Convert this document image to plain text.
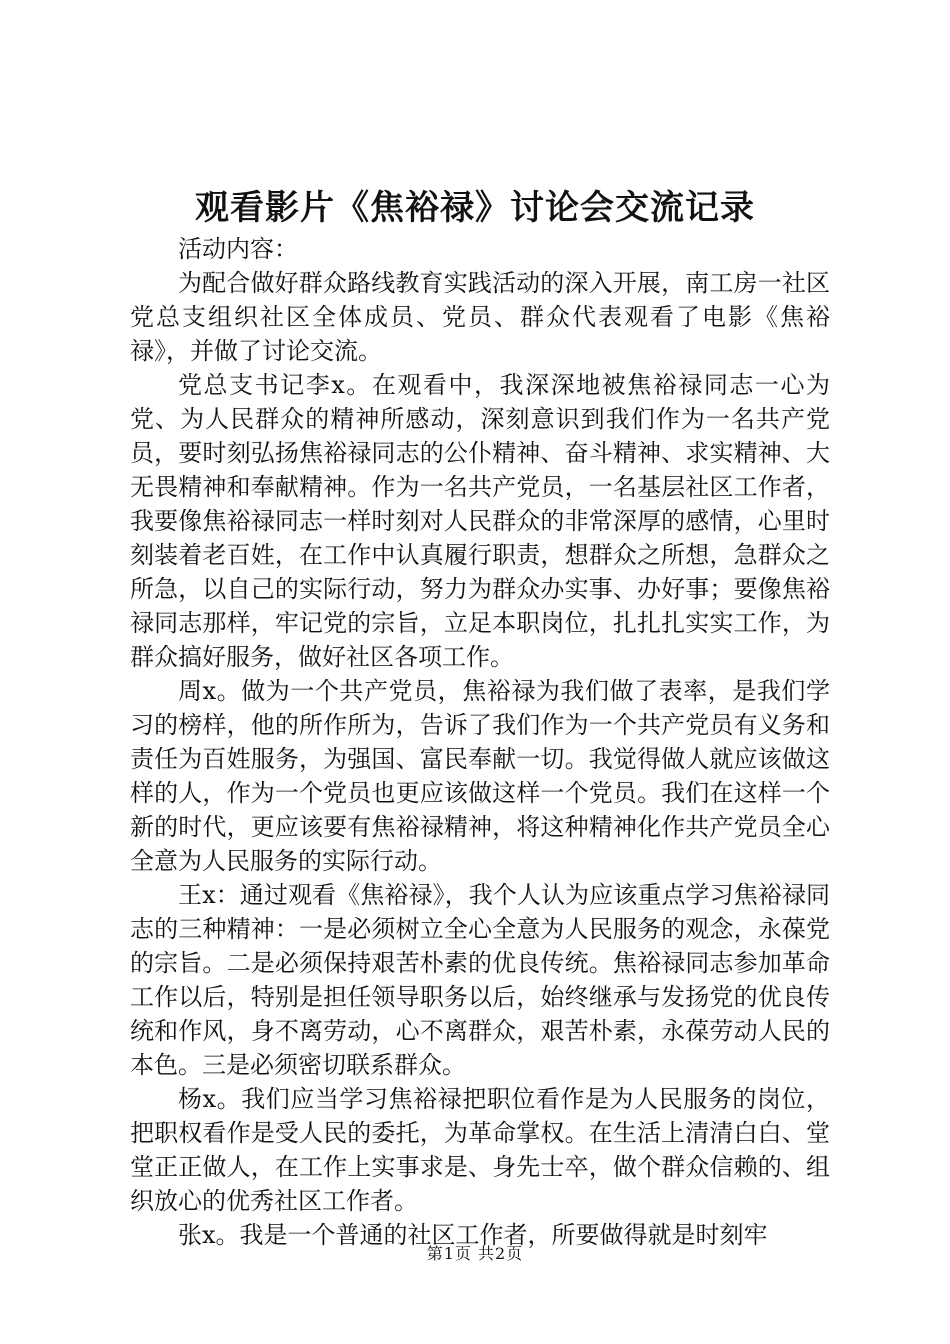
观看影片《焦裕禄》讨论会交流记录

活动内容：

为配合做好群众路线教育实践活动的深入开展，南工房一社区党总支组织社区全体成员、党员、群众代表观看了电影《焦裕禄》，并做了讨论交流。

党总支书记李x。在观看中，我深深地被焦裕禄同志一心为党、为人民群众的精神所感动，深刻意识到我们作为一名共产党员，要时刻弘扬焦裕禄同志的公仆精神、奋斗精神、求实精神、大无畏精神和奉献精神。作为一名共产党员，一名基层社区工作者，我要像焦裕禄同志一样时刻对人民群众的非常深厚的感情，心里时刻装着老百姓，在工作中认真履行职责，想群众之所想，急群众之所急，以自己的实际行动，努力为群众办实事、办好事；要像焦裕禄同志那样，牢记党的宗旨，立足本职岗位，扎扎扎实实工作，为群众搞好服务，做好社区各项工作。

周x。做为一个共产党员，焦裕禄为我们做了表率，是我们学习的榜样，他的所作所为，告诉了我们作为一个共产党员有义务和责任为百姓服务，为强国、富民奉献一切。我觉得做人就应该做这样的人，作为一个党员也更应该做这样一个党员。我们在这样一个新的时代，更应该要有焦裕禄精神，将这种精神化作共产党员全心全意为人民服务的实际行动。

王x：通过观看《焦裕禄》，我个人认为应该重点学习焦裕禄同志的三种精神：一是必须树立全心全意为人民服务的观念，永葆党的宗旨。二是必须保持艰苦朴素的优良传统。焦裕禄同志参加革命工作以后，特别是担任领导职务以后，始终继承与发扬党的优良传统和作风，身不离劳动，心不离群众，艰苦朴素，永葆劳动人民的本色。三是必须密切联系群众。

杨x。我们应当学习焦裕禄把职位看作是为人民服务的岗位，把职权看作是受人民的委托，为革命掌权。在生活上清清白白、堂堂正正做人，在工作上实事求是、身先士卒，做个群众信赖的、组织放心的优秀社区工作者。

张x。我是一个普通的社区工作者，所要做得就是时刻牢

第1页 共2页
